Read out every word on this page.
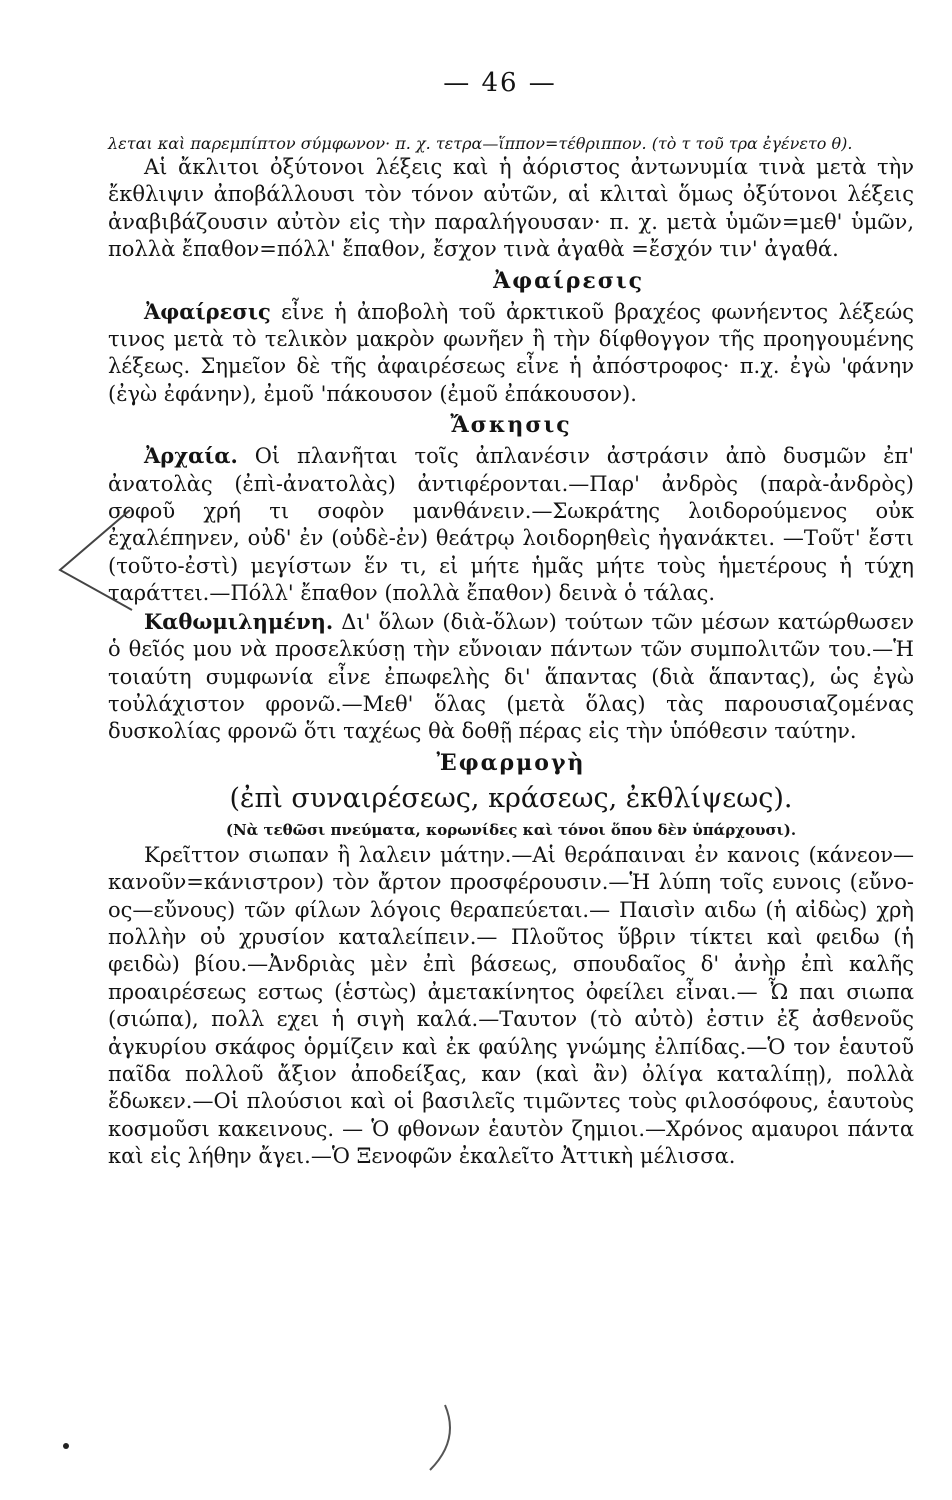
— 46 —

λεται καὶ παρεμπίπτον σύμφωνον· π. χ. τετρα—ἵππον=τέθριππον. (τὸ τ τοῦ τρα ἐγένετο θ).

Αἱ ἄκλιτοι ὀξύτονοι λέξεις καὶ ἡ ἀόριστος ἀντωνυμία τινὰ μετὰ τὴν ἔκθλιψιν ἀποβάλλουσι τὸν τόνον αὐτῶν, αἱ κλιταὶ ὅμως ὀξύτονοι λέξεις ἀναβιβάζουσιν αὐτὸν εἰς τὴν παραλήγουσαν· π. χ. μετὰ ὑμῶν=μεθ' ὑμῶν, πολλὰ ἔπαθον=πόλλ' ἔπαθον, ἔσχον τινὰ ἀγαθὰ =ἔσχόν τιν' ἀγαθά.

Ἀφαίρεσις

Ἀφαίρεσις εἶνε ἡ ἀποβολὴ τοῦ ἀρκτικοῦ βραχέος φωνήεντος λέξεώς τινος μετὰ τὸ τελικὸν μακρὸν φωνῆεν ἢ τὴν δίφθογγον τῆς προηγουμένης λέξεως. Σημεῖον δὲ τῆς ἀφαιρέσεως εἶνε ἡ ἀπόστροφος· π.χ. ἐγὼ 'φάνην (ἐγὼ ἐφάνην), ἐμοῦ 'πάκουσον (ἐμοῦ ἐπάκουσον).

Ἄσκησις

Ἀρχαία. Οἱ πλανῆται τοῖς ἀπλανέσιν ἀστράσιν ἀπὸ δυσμῶν ἐπ' ἀνατολὰς (ἐπὶ-ἀνατολὰς) ἀντιφέρονται.—Παρ' ἀνδρὸς (παρὰ-ἀνδρὸς) σοφοῦ χρή τι σοφὸν μανθάνειν.—Σωκράτης λοιδορούμενος οὐκ ἐχαλέπηνεν, οὐδ' ἐν (οὐδὲ-ἐν) θεάτρῳ λοιδορηθεὶς ἠγανάκτει. —Τοῦτ' ἔστι (τοῦτο-ἐστὶ) μεγίστων ἕν τι, εἰ μήτε ἡμᾶς μήτε τοὺς ἡμετέρους ἡ τύχη ταράττει.—Πόλλ' ἔπαθον (πολλὰ ἔπαθον) δεινὰ ὁ τάλας.

Καθωμιλημένη. Δι' ὅλων (διὰ-ὅλων) τούτων τῶν μέσων κατώρθωσεν ὁ θεῖός μου νὰ προσελκύσῃ τὴν εὔνοιαν πάντων τῶν συμπολιτῶν του.—Ἡ τοιαύτη συμφωνία εἶνε ἐπωφελὴς δι' ἅπαντας (διὰ ἅπαντας), ὡς ἐγὼ τοὐλάχιστον φρονῶ.—Μεθ' ὅλας (μετὰ ὅλας) τὰς παρουσιαζομένας δυσκολίας φρονῶ ὅτι ταχέως θὰ δοθῇ πέρας εἰς τὴν ὑπόθεσιν ταύτην.

Ἐφαρμογὴ
(ἐπὶ συναιρέσεως, κράσεως, ἐκθλίψεως).
(Νὰ τεθῶσι πνεύματα, κορωνίδες καὶ τόνοι ὅπου δὲν ὑπάρχουσι).

Κρεῖττον σιωπαν ἢ λαλειν μάτην.—Αἱ θεράπαιναι ἐν κανοις (κάνεον—κανοῦν=κάνιστρον) τὸν ἄρτον προσφέρουσιν.—Ἡ λύπη τοῖς ευνοις (εὔνο-ος—εὔνους) τῶν φίλων λόγοις θεραπεύεται.— Παισὶν αιδω (ἡ αἰδὼς) χρὴ πολλὴν οὐ χρυσίον καταλείπειν.— Πλοῦτος ὕβριν τίκτει καὶ φειδω (ἡ φειδὼ) βίου.—Ἀνδριὰς μὲν ἐπὶ βάσεως, σπουδαῖος δ' ἀνὴρ ἐπὶ καλῆς προαιρέσεως εστως (ἑστὼς) ἀμετακίνητος ὀφείλει εἶναι.— Ὦ παι σιωπα (σιώπα), πολλ εχει ἡ σιγὴ καλά.—Ταυτον (τὸ αὐτὸ) ἐστιν ἐξ ἀσθενοῦς ἀγκυρίου σκάφος ὁρμίζειν καὶ ἐκ φαύλης γνώμης ἐλπίδας.—Ὁ τον ἑαυτοῦ παῖδα πολλοῦ ἄξιον ἀποδείξας, καν (καὶ ἂν) ὀλίγα καταλίπῃ), πολλὰ ἔδωκεν.—Οἱ πλούσιοι καὶ οἱ βασιλεῖς τιμῶντες τοὺς φιλοσόφους, ἑαυτοὺς κοσμοῦσι κακεινους. — Ὁ φθονων ἑαυτὸν ζημιοι.—Χρόνος αμαυροι πάντα καὶ εἰς λήθην ἄγει.—Ὁ Ξενοφῶν ἐκαλεῖτο Ἀττικὴ μέλισσα.
